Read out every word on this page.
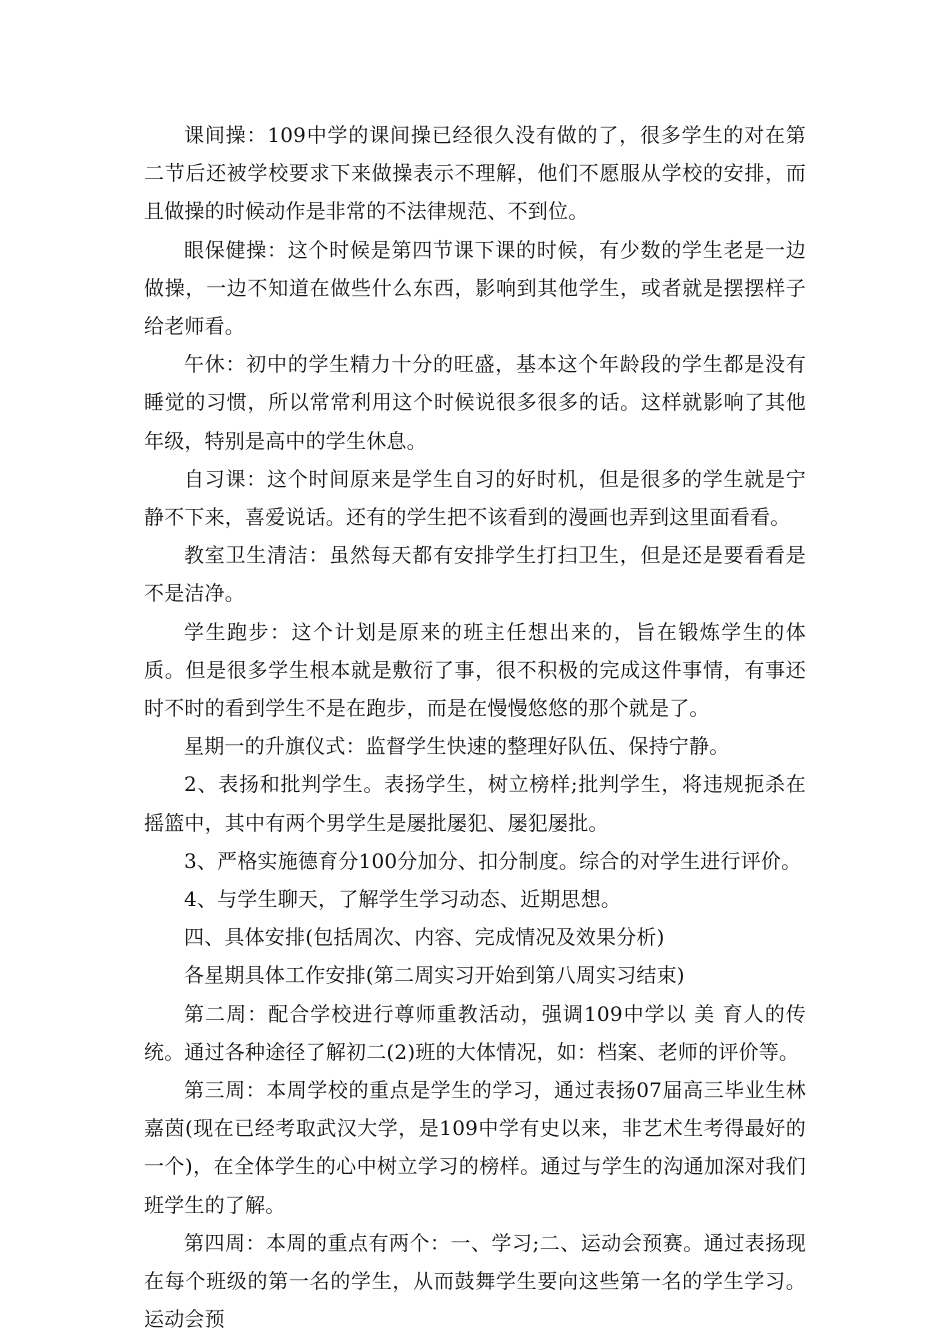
课间操：109中学的课间操已经很久没有做的了，很多学生的对在第二节后还被学校要求下来做操表示不理解，他们不愿服从学校的安排，而且做操的时候动作是非常的不法律规范、不到位。

眼保健操：这个时候是第四节课下课的时候，有少数的学生老是一边做操，一边不知道在做些什么东西，影响到其他学生，或者就是摆摆样子给老师看。

午休：初中的学生精力十分的旺盛，基本这个年龄段的学生都是没有睡觉的习惯，所以常常利用这个时候说很多很多的话。这样就影响了其他年级，特别是高中的学生休息。

自习课：这个时间原来是学生自习的好时机，但是很多的学生就是宁静不下来，喜爱说话。还有的学生把不该看到的漫画也弄到这里面看看。

教室卫生清洁：虽然每天都有安排学生打扫卫生，但是还是要看看是不是洁净。

学生跑步：这个计划是原来的班主任想出来的，旨在锻炼学生的体质。但是很多学生根本就是敷衍了事，很不积极的完成这件事情，有事还时不时的看到学生不是在跑步，而是在慢慢悠悠的那个就是了。

星期一的升旗仪式：监督学生快速的整理好队伍、保持宁静。

2、表扬和批判学生。表扬学生，树立榜样;批判学生，将违规扼杀在摇篮中，其中有两个男学生是屡批屡犯、屡犯屡批。

3、严格实施德育分100分加分、扣分制度。综合的对学生进行评价。

4、与学生聊天，了解学生学习动态、近期思想。

四、具体安排(包括周次、内容、完成情况及效果分析)

各星期具体工作安排(第二周实习开始到第八周实习结束)

第二周：配合学校进行尊师重教活动，强调109中学以 美 育人的传统。通过各种途径了解初二(2)班的大体情况，如：档案、老师的评价等。

第三周：本周学校的重点是学生的学习，通过表扬07届高三毕业生林嘉茵(现在已经考取武汉大学，是109中学有史以来，非艺术生考得最好的一个)，在全体学生的心中树立学习的榜样。通过与学生的沟通加深对我们班学生的了解。

第四周：本周的重点有两个：一、学习;二、运动会预赛。通过表扬现在每个班级的第一名的学生，从而鼓舞学生要向这些第一名的学生学习。运动会预
